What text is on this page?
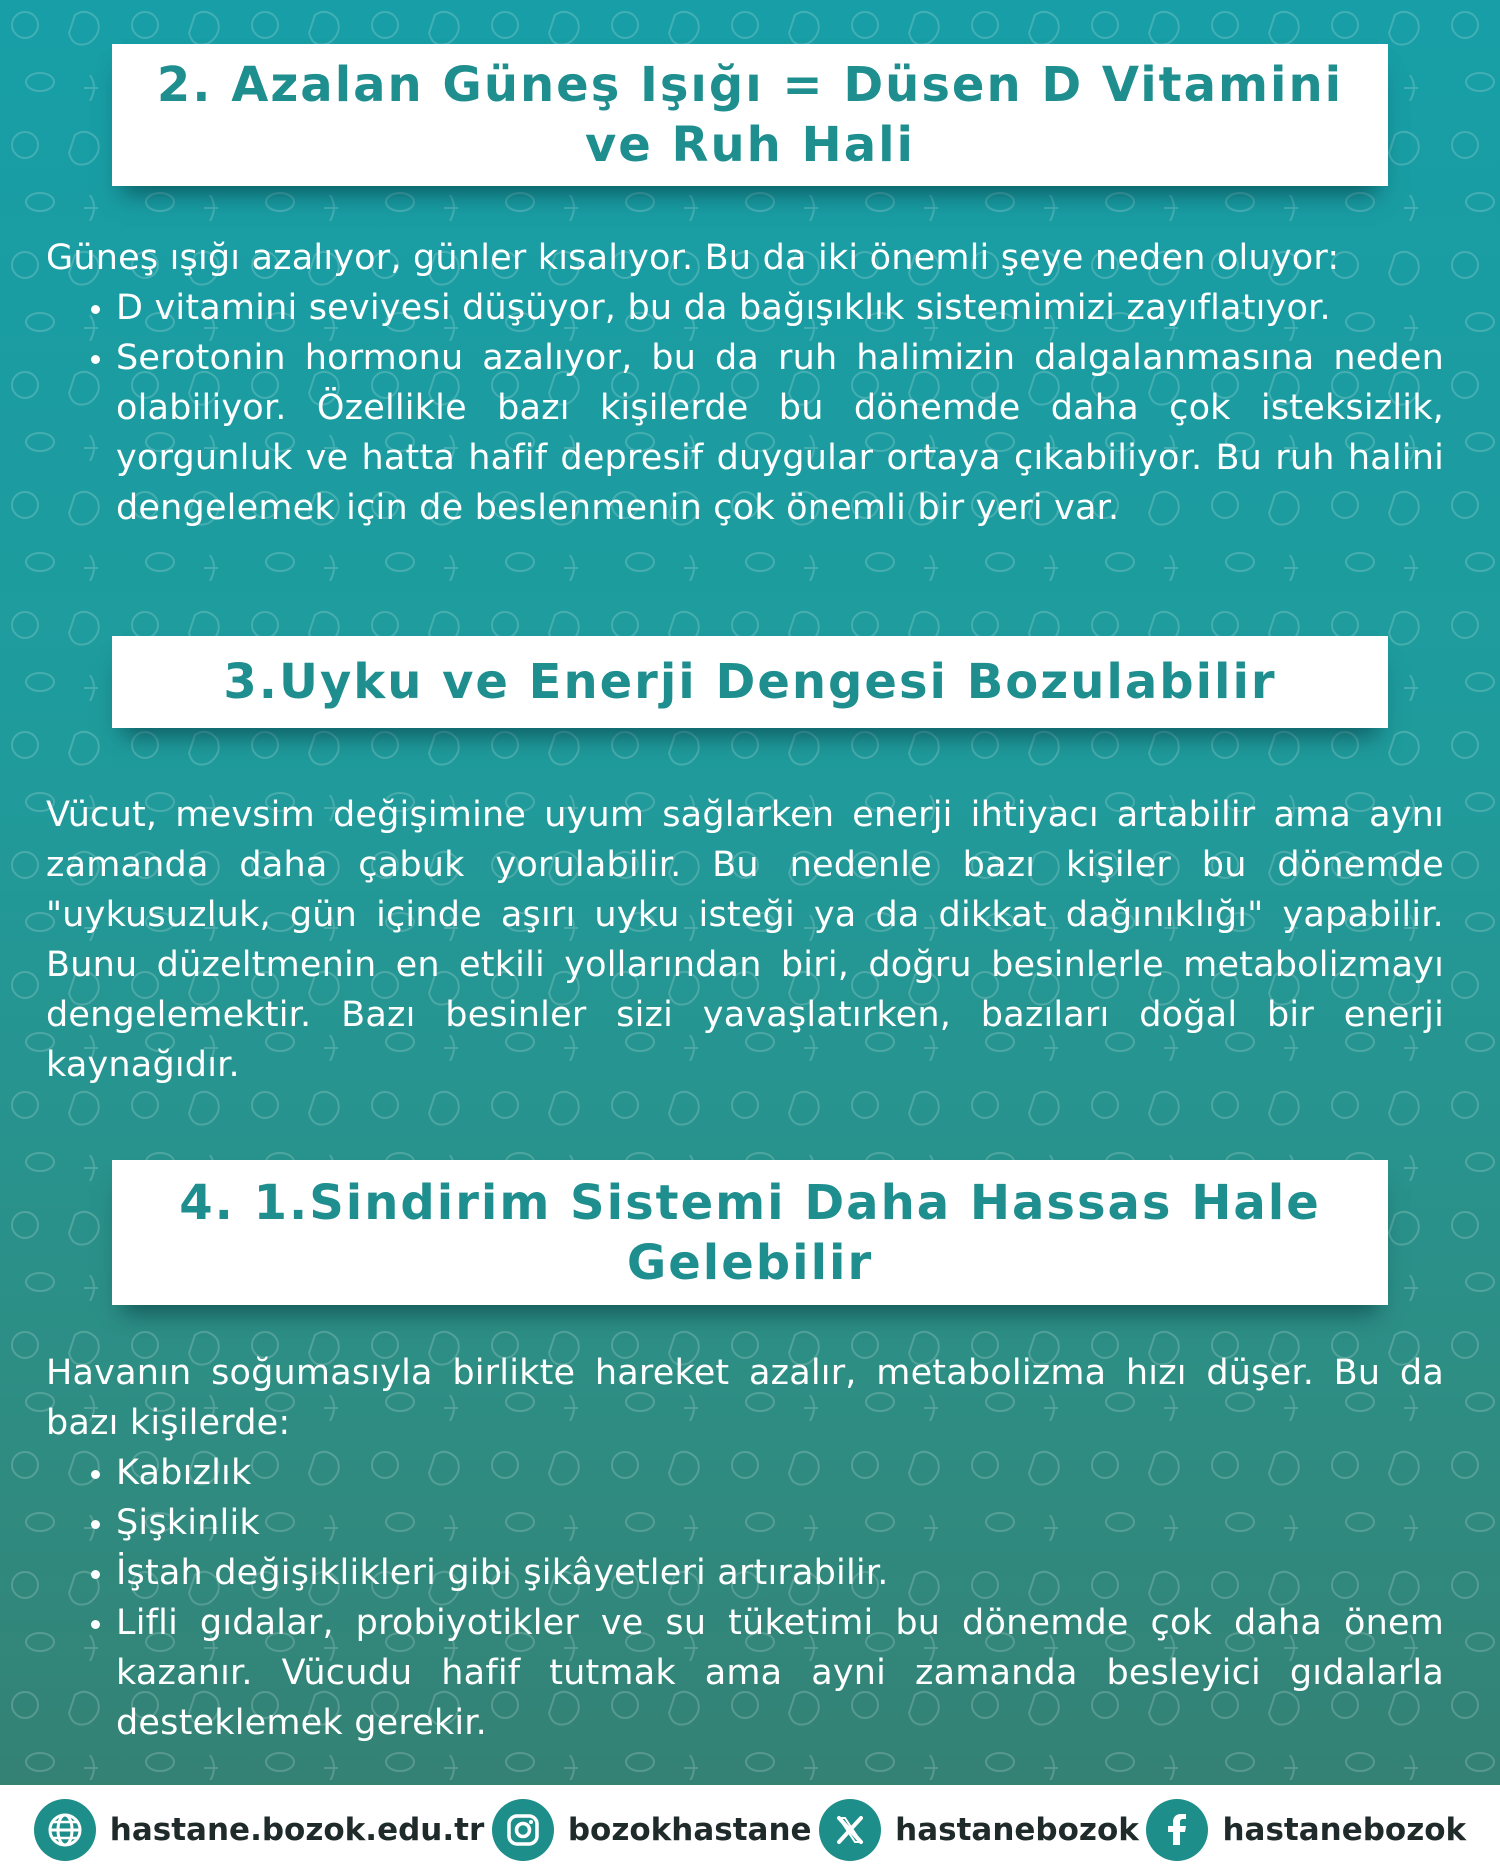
2. Azalan Güneş Işığı = Düsen D Vitamini ve Ruh Hali

Güneş ışığı azalıyor, günler kısalıyor. Bu da iki önemli şeye neden oluyor:

• D vitamini seviyesi düşüyor, bu da bağışıklık sistemimizi zayıflatıyor.
• Serotonin hormonu azalıyor, bu da ruh halimizin dalgalanmasına neden olabiliyor. Özellikle bazı kişilerde bu dönemde daha çok isteksizlik, yorgunluk ve hatta hafif depresif duygular ortaya çıkabiliyor. Bu ruh halini dengelemek için de beslenmenin çok önemli bir yeri var.
3.Uyku ve Enerji Dengesi Bozulabilir

Vücut, mevsim değişimine uyum sağlarken enerji ihtiyacı artabilir ama aynı zamanda daha çabuk yorulabilir. Bu nedenle bazı kişiler bu dönemde "uykusuzluk, gün içinde aşırı uyku isteği ya da dikkat dağınıklığı" yapabilir. Bunu düzeltmenin en etkili yollarından biri, doğru besinlerle metabolizmayı dengelemektir. Bazı besinler sizi yavaşlatırken, bazıları doğal bir enerji kaynağıdır.

4. 1.Sindirim Sistemi Daha Hassas Hale Gelebilir

Havanın soğumasıyla birlikte hareket azalır, metabolizma hızı düşer. Bu da bazı kişilerde:

• Kabızlık
• Şişkinlik
• İştah değişiklikleri gibi şikâyetleri artırabilir.
• Lifli gıdalar, probiyotikler ve su tüketimi bu dönemde çok daha önem kazanır. Vücudu hafif tutmak ama ayni zamanda besleyici gıdalarla desteklemek gerekir.
hastane.bozok.edu.tr	bozokhastane	hastanebozok	hastanebozok
